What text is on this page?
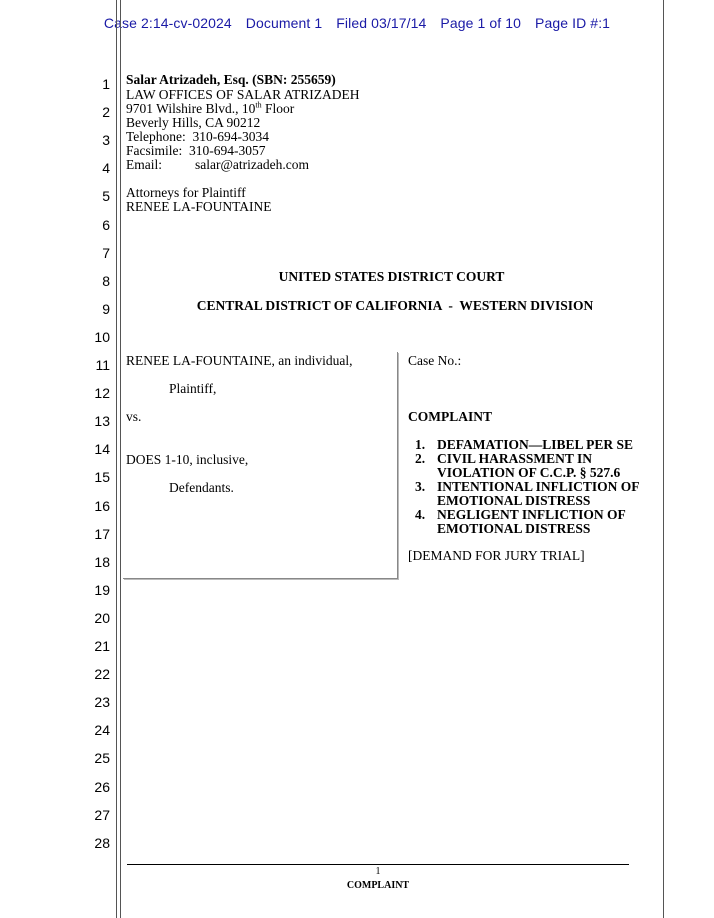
Case 2:14-cv-02024 Document 1 Filed 03/17/14 Page 1 of 10 Page ID #:1
1
2
3
4
5
6
7
8
9
10
11
12
13
14
15
16
17
18
19
20
21
22
23
24
25
26
27
28
Salar Atrizadeh, Esq. (SBN: 255659)
LAW OFFICES OF SALAR ATRIZADEH
9701 Wilshire Blvd., 10th Floor
Beverly Hills, CA 90212
Telephone: 310-694-3034
Facsimile: 310-694-3057
Email: salar@atrizadeh.com
Attorneys for Plaintiff
RENEE LA-FOUNTAINE
UNITED STATES DISTRICT COURT
CENTRAL DISTRICT OF CALIFORNIA  -  WESTERN DIVISION
RENEE LA-FOUNTAINE, an individual,
Plaintiff,
vs.
DOES 1-10, inclusive,
Defendants.
Case No.:
COMPLAINT
1. DEFAMATION—LIBEL PER SE
2. CIVIL HARASSMENT IN
VIOLATION OF C.C.P. § 527.6
3. INTENTIONAL INFLICTION OF
EMOTIONAL DISTRESS
4. NEGLIGENT INFLICTION OF
EMOTIONAL DISTRESS
[DEMAND FOR JURY TRIAL]
1
COMPLAINT
